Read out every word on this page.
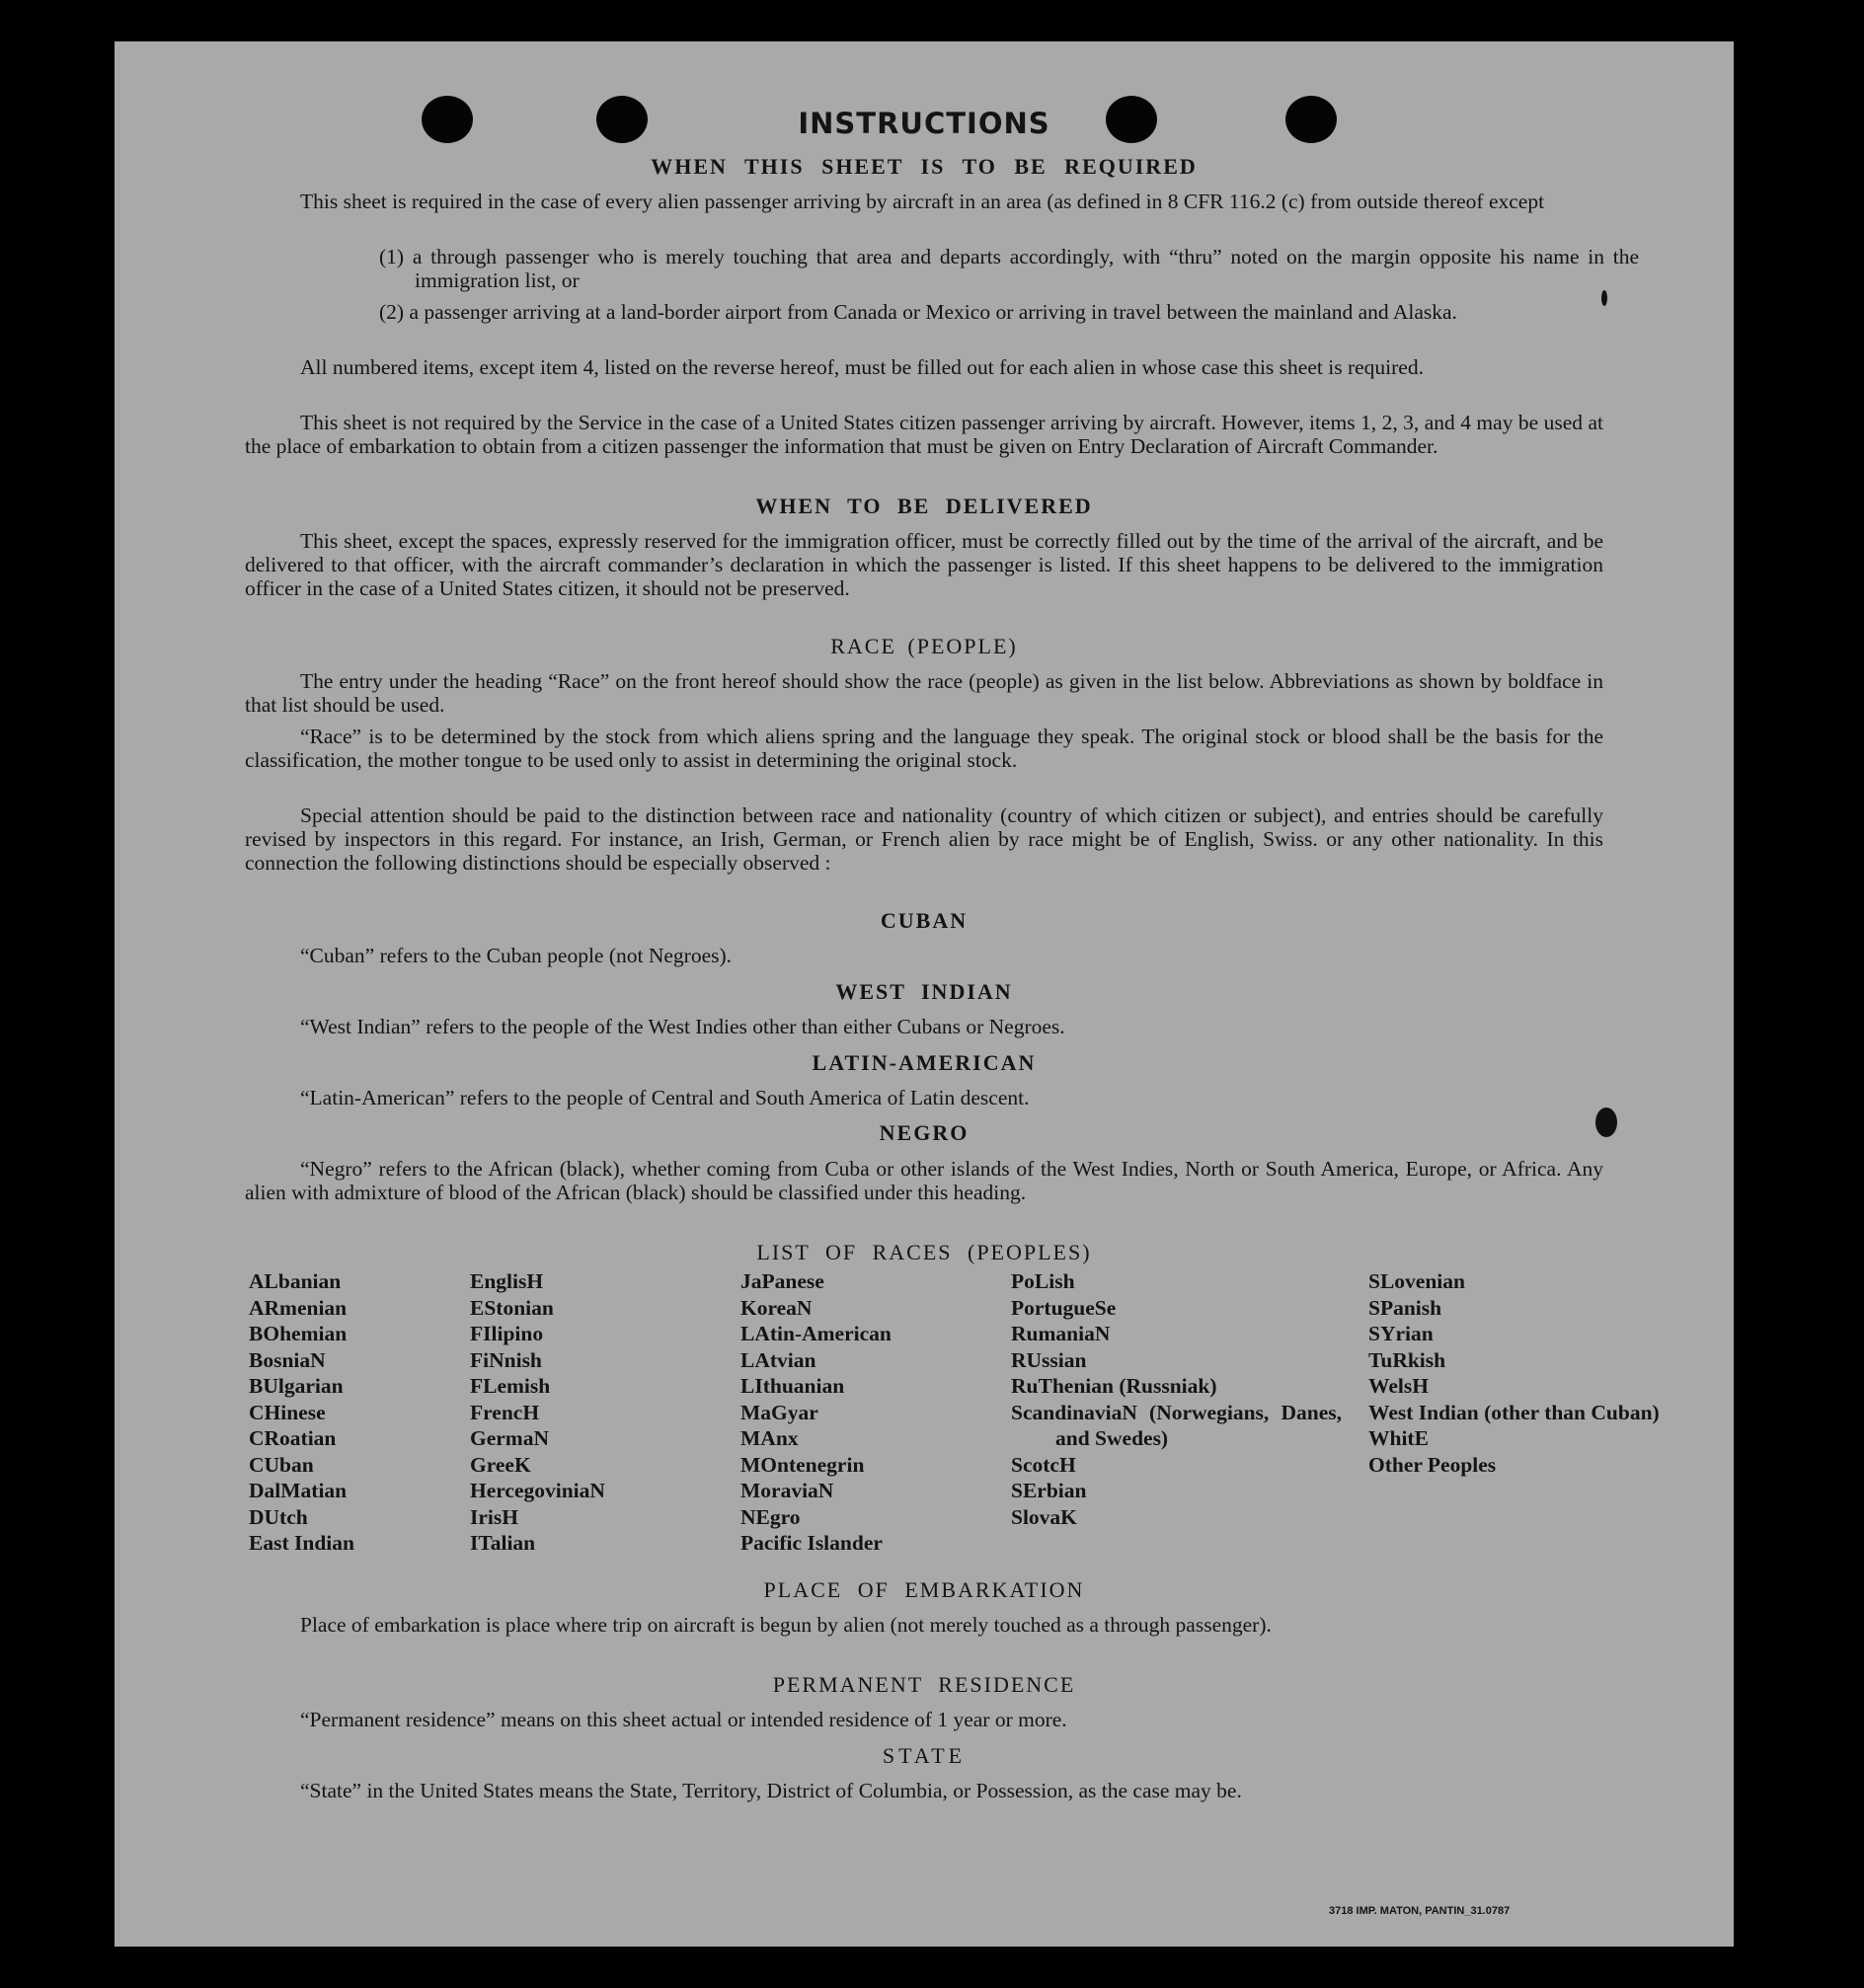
INSTRUCTIONS
WHEN THIS SHEET IS TO BE REQUIRED
This sheet is required in the case of every alien passenger arriving by aircraft in an area (as defined in 8 CFR 116.2 (c) from outside thereof except
(1) a through passenger who is merely touching that area and departs accordingly, with “thru” noted on the margin opposite his name in the immigration list, or
(2) a passenger arriving at a land-border airport from Canada or Mexico or arriving in travel between the mainland and Alaska.
All numbered items, except item 4, listed on the reverse hereof, must be filled out for each alien in whose case this sheet is required.
This sheet is not required by the Service in the case of a United States citizen passenger arriving by aircraft. However, items 1, 2, 3, and 4 may be used at the place of embarkation to obtain from a citizen passenger the information that must be given on Entry Declaration of Aircraft Commander.
WHEN TO BE DELIVERED
This sheet, except the spaces, expressly reserved for the immigration officer, must be correctly filled out by the time of the arrival of the aircraft, and be delivered to that officer, with the aircraft commander’s declaration in which the passenger is listed. If this sheet happens to be delivered to the immigration officer in the case of a United States citizen, it should not be preserved.
RACE (PEOPLE)
The entry under the heading “Race” on the front hereof should show the race (people) as given in the list below. Abbreviations as shown by boldface in that list should be used.
“Race” is to be determined by the stock from which aliens spring and the language they speak. The original stock or blood shall be the basis for the classification, the mother tongue to be used only to assist in determining the original stock.
Special attention should be paid to the distinction between race and nationality (country of which citizen or subject), and entries should be carefully revised by inspectors in this regard. For instance, an Irish, German, or French alien by race might be of English, Swiss. or any other nationality. In this connection the following distinctions should be especially observed :
CUBAN
“Cuban” refers to the Cuban people (not Negroes).
WEST INDIAN
“West Indian” refers to the people of the West Indies other than either Cubans or Negroes.
LATIN-AMERICAN
“Latin-American” refers to the people of Central and South America of Latin descent.
NEGRO
“Negro” refers to the African (black), whether coming from Cuba or other islands of the West Indies, North or South America, Europe, or Africa. Any alien with admixture of blood of the African (black) should be classified under this heading.
LIST OF RACES (PEOPLES)
ALbanian
ARmenian
BOhemian
BosniaN
BUlgarian
CHinese
CRoatian
CUban
DalMatian
DUtch
East Indian
EnglisH
EStonian
FIlipino
FiNnish
FLemish
FrencH
GermaN
GreeK
HercegoviniaN
IrisH
ITalian
JaPanese
KoreaN
LAtin-American
LAtvian
LIthuanian
MaGyar
MAnx
MOntenegrin
MoraviaN
NEgro
Pacific Islander
PoLish
PortugueSe
RumaniaN
RUssian
RuThenian (Russniak)
ScandinaviaN (Norwegians, Danes, and Swedes)
ScotcH
SErbian
SlovaK
SLovenian
SPanish
SYrian
TuRkish
WelsH
West Indian (other than Cuban)
WhitE
Other Peoples
PLACE OF EMBARKATION
Place of embarkation is place where trip on aircraft is begun by alien (not merely touched as a through passenger).
PERMANENT RESIDENCE
“Permanent residence” means on this sheet actual or intended residence of 1 year or more.
STATE
“State” in the United States means the State, Territory, District of Columbia, or Possession, as the case may be.
3718 IMP. MATON, PANTIN_31.0787
